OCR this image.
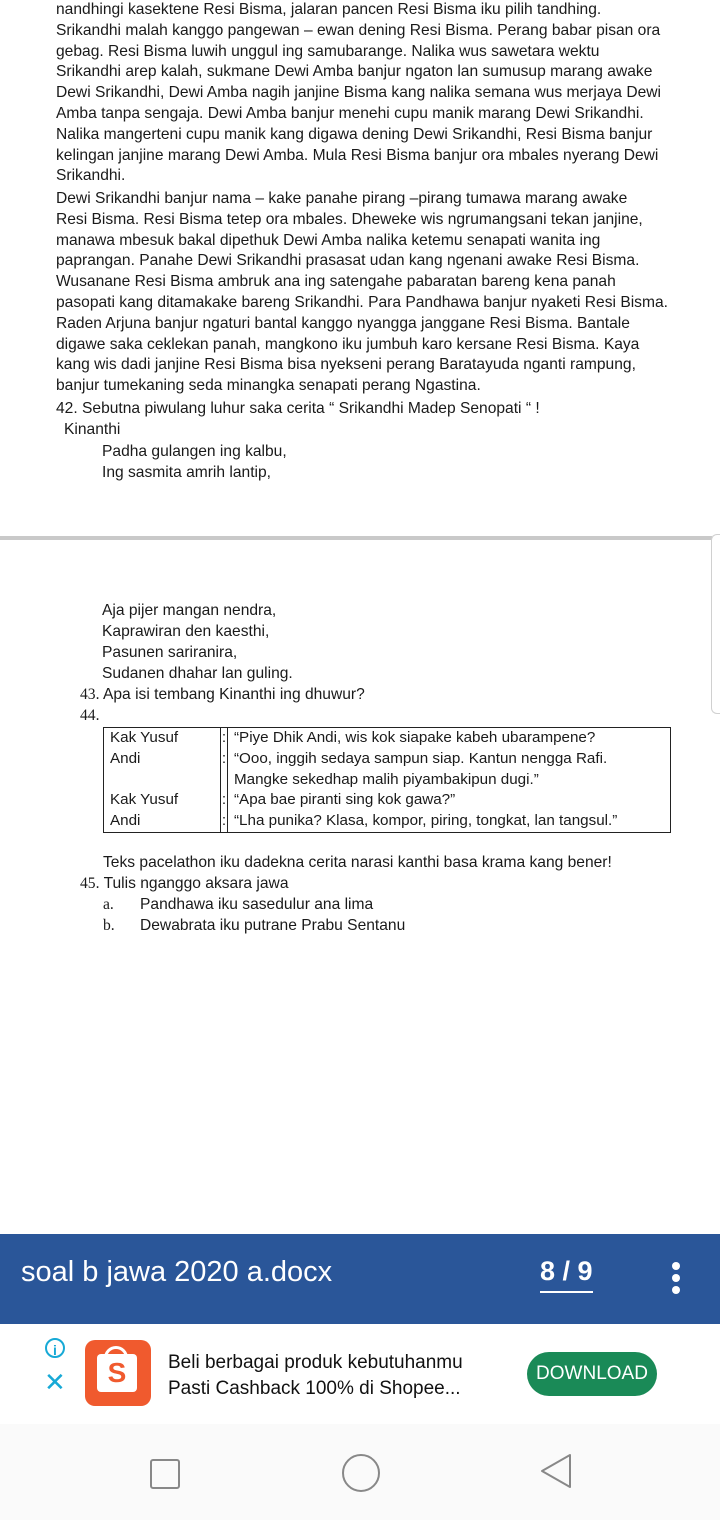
nandhingi kasektene Resi Bisma, jalaran pancen Resi Bisma iku pilih tandhing.
Srikandhi malah kanggo pangewan – ewan dening Resi Bisma. Perang babar pisan ora
gebag. Resi Bisma luwih unggul ing samubarange. Nalika wus sawetara wektu
Srikandhi arep kalah, sukmane Dewi Amba banjur ngaton lan sumusup marang awake
Dewi Srikandhi, Dewi Amba nagih janjine Bisma kang nalika semana wus merjaya Dewi
Amba tanpa sengaja. Dewi Amba banjur menehi cupu manik marang Dewi Srikandhi.
Nalika mangerteni cupu manik kang digawa dening Dewi Srikandhi, Resi Bisma banjur
kelingan janjine marang Dewi Amba. Mula Resi Bisma banjur ora mbales nyerang Dewi
Srikandhi.
Dewi Srikandhi banjur nama – kake panahe pirang –pirang tumawa marang awake
Resi Bisma. Resi Bisma tetep ora mbales. Dheweke wis ngrumangsani tekan janjine,
manawa mbesuk bakal dipethuk Dewi Amba nalika ketemu senapati wanita ing
paprangan. Panahe Dewi Srikandhi prasasat udan kang ngenani awake Resi Bisma.
Wusanane Resi Bisma ambruk ana ing satengahe pabaratan bareng kena panah
pasopati kang ditamakake bareng Srikandhi. Para Pandhawa banjur nyaketi Resi Bisma.
Raden Arjuna banjur ngaturi bantal kanggo nyangga janggane Resi Bisma. Bantale
digawe saka ceklekan panah, mangkono iku jumbuh karo kersane Resi Bisma. Kaya
kang wis dadi janjine Resi Bisma bisa nyekseni perang Baratayuda nganti rampung,
banjur tumekaning seda minangka senapati perang Ngastina.
42. Sebutna piwulang luhur saka cerita “ Srikandhi Madep Senopati “ !
Kinanthi
Padha gulangen ing kalbu,
Ing sasmita amrih lantip,
Aja pijer mangan nendra,
Kaprawiran den kaesthi,
Pasunen sariranira,
Sudanen dhahar lan guling.
43. Apa isi tembang Kinanthi ing dhuwur?
44.
Kak Yusuf	:	“Piye Dhik Andi, wis kok siapake kabeh ubarampene?
Andi	:	“Ooo, inggih sedaya sampun siap. Kantun nengga Rafi.
		Mangke sekedhap malih piyambakipun dugi.”
Kak Yusuf	:	“Apa bae piranti sing kok gawa?”
Andi	:	“Lha punika? Klasa, kompor, piring, tongkat, lan tangsul.”
Teks pacelathon iku dadekna cerita narasi kanthi basa krama kang bener!
45. Tulis nganggo aksara jawa
a. Pandhawa iku sasedulur ana lima
b. Dewabrata iku putrane Prabu Sentanu
soal b jawa 2020 a.docx	8 / 9
i
✕	S	Beli berbagai produk kebutuhanmu
Pasti Cashback 100% di Shopee...
DOWNLOAD
